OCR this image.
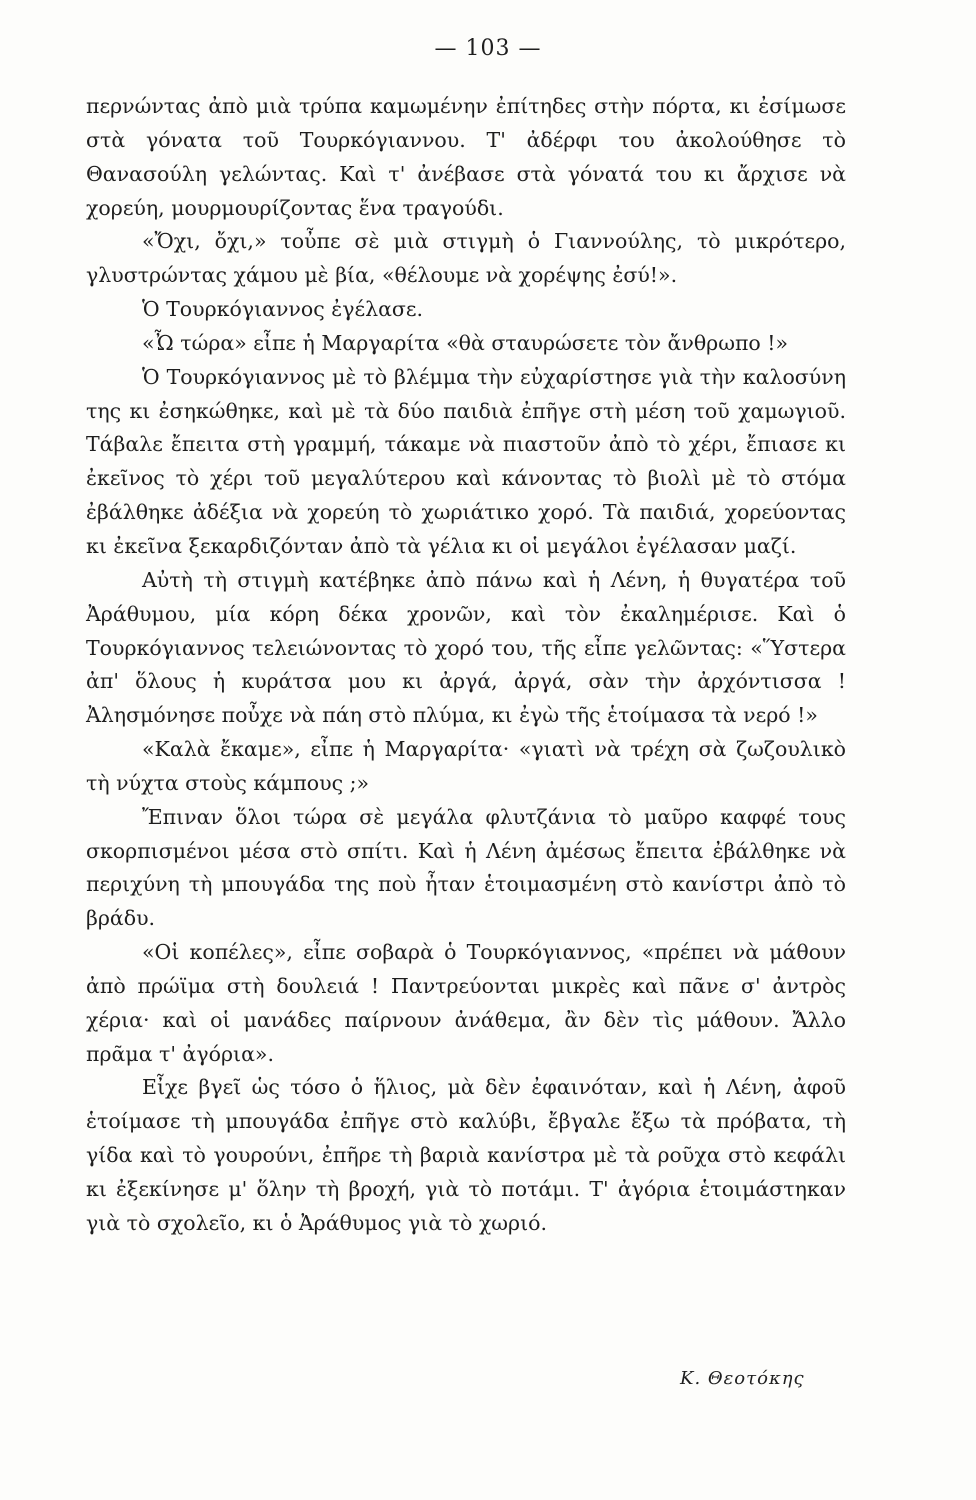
— 103 —

περνώντας ἀπὸ μιὰ τρύπα καμωμένην ἐπίτηδες στὴν πόρτα, κι ἐσίμωσε στὰ γόνατα τοῦ Τουρκόγιαννου. Τ' ἀδέρφι του ἀκολούθησε τὸ Θανασούλη γελώντας. Καὶ τ' ἀνέβασε στὰ γόνατά του κι ἄρχισε νὰ χορεύη, μουρμουρίζοντας ἕνα τραγούδι.

«Ὄχι, ὄχι,» τοὖπε σὲ μιὰ στιγμὴ ὁ Γιαννούλης, τὸ μικρότερο, γλυστρώντας χάμου μὲ βία, «θέλουμε νὰ χορέψης ἐσύ!».

Ὁ Τουρκόγιαννος ἐγέλασε.

«Ὦ τώρα» εἶπε ἡ Μαργαρίτα «θὰ σταυρώσετε τὸν ἄνθρωπο !»

Ὁ Τουρκόγιαννος μὲ τὸ βλέμμα τὴν εὐχαρίστησε γιὰ τὴν καλοσύνη της κι ἐσηκώθηκε, καὶ μὲ τὰ δύο παιδιὰ ἐπῆγε στὴ μέση τοῦ χαμωγιοῦ. Τάβαλε ἔπειτα στὴ γραμμή, τάκαμε νὰ πιαστοῦν ἀπὸ τὸ χέρι, ἔπιασε κι ἐκεῖνος τὸ χέρι τοῦ μεγαλύτερου καὶ κάνοντας τὸ βιολὶ μὲ τὸ στόμα ἐβάλθηκε ἀδέξια νὰ χορεύη τὸ χωριάτικο χορό. Τὰ παιδιά, χορεύοντας κι ἐκεῖνα ξεκαρδιζόνταν ἀπὸ τὰ γέλια κι οἱ μεγάλοι ἐγέλασαν μαζί.

Αὐτὴ τὴ στιγμὴ κατέβηκε ἀπὸ πάνω καὶ ἡ Λένη, ἡ θυγατέρα τοῦ Ἀράθυμου, μία κόρη δέκα χρονῶν, καὶ τὸν ἐκαλημέρισε. Καὶ ὁ Τουρκόγιαννος τελειώνοντας τὸ χορό του, τῆς εἶπε γελῶντας: «Ὕστερα ἀπ' ὅλους ἡ κυράτσα μου κι ἀργά, ἀργά, σὰν τὴν ἀρχόντισσα ! Ἀλησμόνησε ποὖχε νὰ πάη στὸ πλύμα, κι ἐγὼ τῆς ἑτοίμασα τὰ νερό !»

«Καλὰ ἔκαμε», εἶπε ἡ Μαργαρίτα· «γιατὶ νὰ τρέχη σὰ ζωζουλικὸ τὴ νύχτα στοὺς κάμπους ;»

Ἔπιναν ὅλοι τώρα σὲ μεγάλα φλυτζάνια τὸ μαῦρο καφφέ τους σκορπισμένοι μέσα στὸ σπίτι. Καὶ ἡ Λένη ἀμέσως ἔπειτα ἐβάλθηκε νὰ περιχύνη τὴ μπουγάδα της ποὺ ἦταν ἑτοιμασμένη στὸ κανίστρι ἀπὸ τὸ βράδυ.

«Οἱ κοπέλες», εἶπε σοβαρὰ ὁ Τουρκόγιαννος, «πρέπει νὰ μάθουν ἀπὸ πρώϊμα στὴ δουλειά ! Παντρεύονται μικρὲς καὶ πᾶνε σ' ἀντρὸς χέρια· καὶ οἱ μανάδες παίρνουν ἀνάθεμα, ἂν δὲν τὶς μάθουν. Ἄλλο πρᾶμα τ' ἀγόρια».

Εἶχε βγεῖ ὡς τόσο ὁ ἥλιος, μὰ δὲν ἐφαινόταν, καὶ ἡ Λένη, ἀφοῦ ἑτοίμασε τὴ μπουγάδα ἐπῆγε στὸ καλύβι, ἔβγαλε ἔξω τὰ πρόβατα, τὴ γίδα καὶ τὸ γουρούνι, ἐπῆρε τὴ βαριὰ κανίστρα μὲ τὰ ροῦχα στὸ κεφάλι κι ἐξεκίνησε μ' ὅλην τὴ βροχή, γιὰ τὸ ποτάμι. Τ' ἀγόρια ἑτοιμάστηκαν γιὰ τὸ σχολεῖο, κι ὁ Ἀράθυμος γιὰ τὸ χωριό.

Κ. Θεοτόκης
